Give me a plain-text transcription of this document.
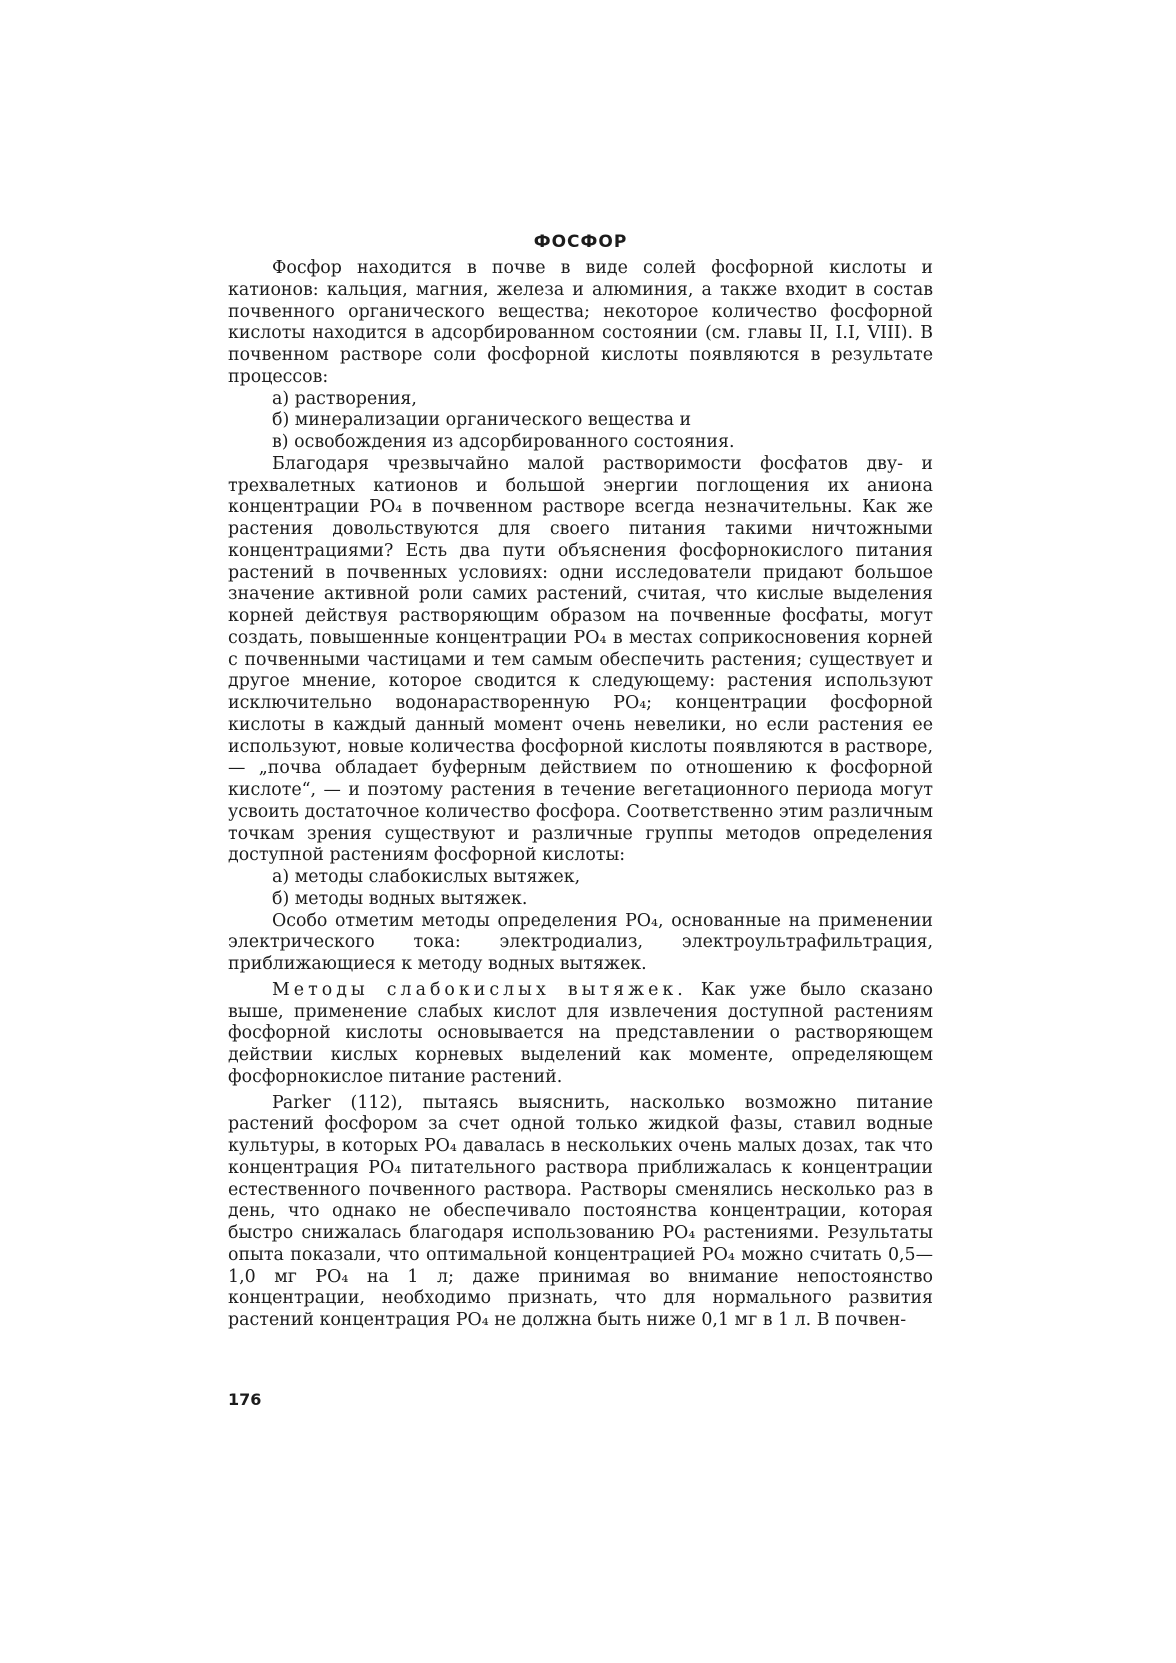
ФОСФОР

Фосфор находится в почве в виде солей фосфорной кислоты и катионов: кальция, магния, железа и алюминия, а также входит в состав почвенного органического вещества; некоторое количество фосфорной кислоты находится в адсорбированном состоянии (см. главы II, I.I, VIII). В почвенном растворе соли фосфорной кислоты появляются в результате процессов:

а) растворения,
б) минерализации органического вещества и
в) освобождения из адсорбированного состояния.

Благодаря чрезвычайно малой растворимости фосфатов дву- и трехвалетных катионов и большой энергии поглощения их аниона концентрации PO₄ в почвенном растворе всегда незначительны. Как же растения довольствуются для своего питания такими ничтожными концентрациями? Есть два пути объяснения фосфорнокислого питания растений в почвенных условиях: одни исследователи придают большое значение активной роли самих растений, считая, что кислые выделения корней действуя растворяющим образом на почвенные фосфаты, могут создать, повышенные концентрации PO₄ в местах соприкосновения корней с почвенными частицами и тем самым обеспечить растения; существует и другое мнение, которое сводится к следующему: растения используют исключительно водонарастворенную PO₄; концентрации фосфорной кислоты в каждый данный момент очень невелики, но если растения ее используют, новые количества фосфорной кислоты появляются в растворе, — „почва обладает буферным действием по отношению к фосфорной кислоте“, — и поэтому растения в течение вегетационного периода могут усвоить достаточное количество фосфора. Соответственно этим различным точкам зрения существуют и различные группы методов определения доступной растениям фосфорной кислоты:

а) методы слабокислых вытяжек,
б) методы водных вытяжек.

Особо отметим методы определения PO₄, основанные на применении электрического тока: электродиализ, электроультрафильтрация, приближающиеся к методу водных вытяжек.

Методы слабокислых вытяжек. Как уже было сказано выше, применение слабых кислот для извлечения доступной растениям фосфорной кислоты основывается на представлении о растворяющем действии кислых корневых выделений как моменте, определяющем фосфорнокислое питание растений.

Parker (112), пытаясь выяснить, насколько возможно питание растений фосфором за счет одной только жидкой фазы, ставил водные культуры, в которых PO₄ давалась в нескольких очень малых дозах, так что концентрация PO₄ питательного раствора приближалась к концентрации естественного почвенного раствора. Растворы сменялись несколько раз в день, что однако не обеспечивало постоянства концентрации, которая быстро снижалась благодаря использованию PO₄ растениями. Результаты опыта показали, что оптимальной концентрацией PO₄ можно считать 0,5—1,0 мг PO₄ на 1 л; даже принимая во внимание непостоянство концентрации, необходимо признать, что для нормального развития растений концентрация PO₄ не должна быть ниже 0,1 мг в 1 л. В почвен-

176
